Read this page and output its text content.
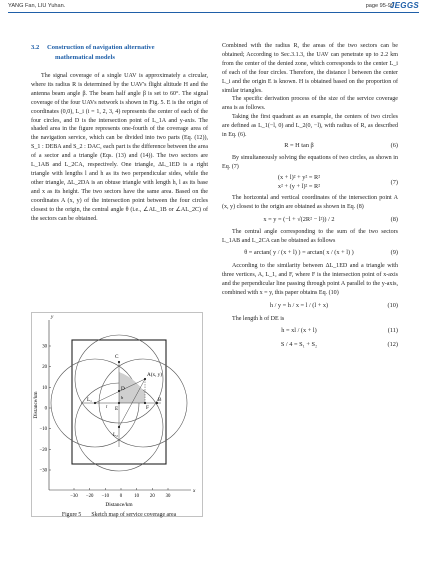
YANG Fan, LIU Yuhan.	page 95-99
JEGGS
3.2 Construction of navigation alternative
mathematical models

The signal coverage of a single UAV is approximately a circular, where its radius R is determined by the UAV's flight altitude H and the antenna beam angle β. The beam half angle β is set to 60°. The signal coverage of the four UAVs network is shown in Fig. 5. E is the origin of coordinates (0,0), L_i (i = 1, 2, 3, 4) represents the center of each of the four circles, and D is the intersection point of L_1A and y-axis. The shaded area in the figure represents one-fourth of the coverage area of the navigation service, which can be divided into two parts (Eq. (12)), S_1 : DEBA and S_2 : DAC, each part is the difference between the area of a sector and a triangle (Eqs. (13) and (14)). The two sectors are L_1AB and L_2CA, respectively. One triangle, ΔL_1ED is a right triangle with lengths l and h as its two perpendicular sides, while the other triangle, ΔL_2DA is an obtuse triangle with length h, l as its base and x as its height. The two sectors have the same area. Based on the coordinates A (x, y) of the intersection point between the four circles closest to the origin, the central angle θ (i.e., ∠AL_1B or ∠AL_2C) of the sectors can be obtained.

A(x, y)
C
L₁
L₂
D
E
B
F
h
l
y
x
30
20
10
0
−10
−20
−30
−30 −20 −10 0	10 20 30
Distance/km
Distance/km
Figure 5 Sketch map of service coverage area

Combined with the radius R, the areas of the two sectors can be obtained; According to Sec.3.1.3, the UAV can penetrate up to 2.2 km from the center of the denied zone, which corresponds to the center L_i of each of the four circles. Therefore, the distance l between the center L_i and the origin E is known. H is obtained based on the proportion of similar triangles.

The specific derivation process of the size of the service coverage area is as follows.

Taking the first quadrant as an example, the centers of two circles are defined as L_1(−l, 0) and L_2(0, −l), with radius of R, as described in Eq. (6).

R = H tan β	(6)

By simultaneously solving the equations of two circles, as shown in Eq. (7)

(x + l)² + y² = R²
x² + (y + l)² = R²
(7)

The horizontal and vertical coordinates of the intersection point A (x, y) closest to the origin are obtained as shown in Eq. (8)

x = y = (−l + √(2R² − l²)) / 2	(8)

The central angle corresponding to the sum of the two sectors L_1AB and L_2CA can be obtained as follows

θ = arctan( y / (x + l) ) = arctan( x / (x + l) )	(9)

According to the similarity between ΔL_1ED and a triangle with three vertices, A, L_1, and F, where F is the intersection point of x-axis and the perpendicular line passing through point A parallel to the y-axis, combined with x = y, this paper obtains Eq. (10)

h / y = h / x = l / (l + x)	(10)

The length h of DE is

h = xl / (x + l)	(11)
S / 4 = S₁ + S₂	(12)
